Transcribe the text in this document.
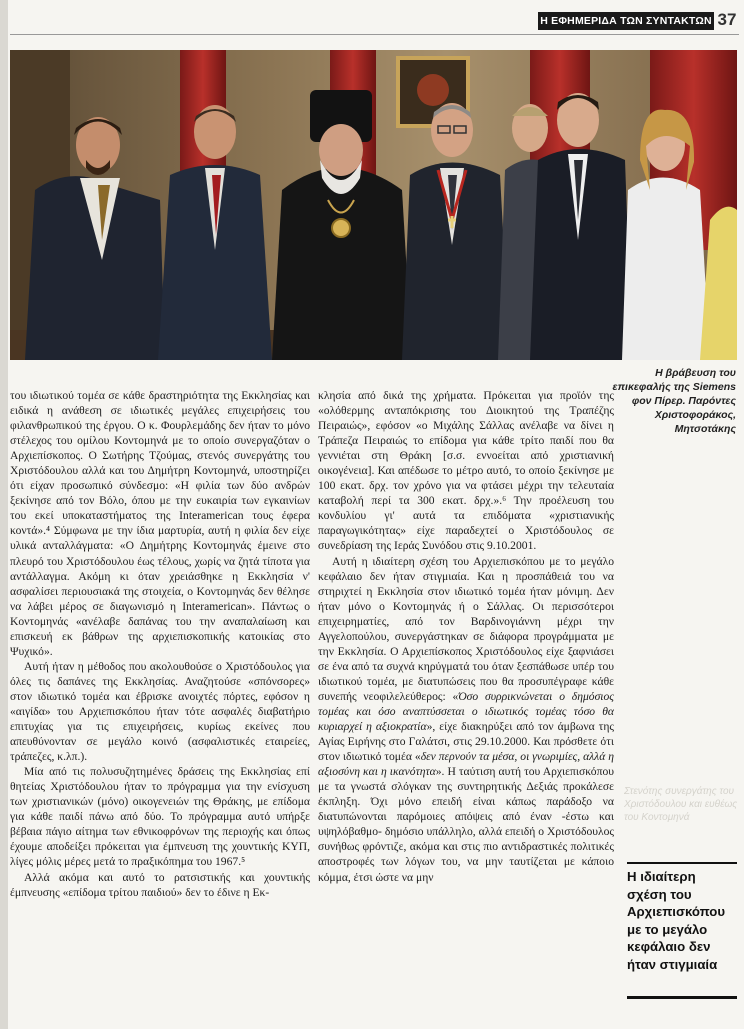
Η ΕΦΗΜΕΡΙΔΑ ΤΩΝ ΣΥΝΤΑΚΤΩΝ 37
Η βράβευση του επικεφαλής της Siemens φον Πίρερ. Παρόντες Χριστοφοράκος, Μητσοτάκης

του ιδιωτικού τομέα σε κάθε δραστηριότητα της Εκκλησίας και ειδικά η ανάθεση σε ιδιωτικές μεγάλες επιχειρήσεις του φιλανθρωπικού της έργου. Ο κ. Φουρλεμάδης δεν ήταν το μόνο στέλεχος του ομίλου Κοντομηνά με το οποίο συνεργαζόταν ο Αρχιεπίσκοπος. Ο Σωτήρης Τζούμας, στενός συνεργάτης του Χριστόδουλου αλλά και του Δημήτρη Κοντομηνά, υποστηρίζει ότι είχαν προσωπικό σύνδεσμο: «Η φιλία των δύο ανδρών ξεκίνησε από τον Βόλο, όπου με την ευκαιρία των εγκαινίων του εκεί υποκαταστήματος της Interamerican τους έφερα κοντά».⁴ Σύμφωνα με την ίδια μαρτυρία, αυτή η φιλία δεν είχε υλικά ανταλλάγματα: «Ο Δημήτρης Κοντομηνάς έμεινε στο πλευρό του Χριστόδουλου έως τέλους, χωρίς να ζητά τίποτα για αντάλλαγμα. Ακόμη κι όταν χρειάσθηκε η Εκκλησία ν' ασφαλίσει περιουσιακά της στοιχεία, ο Κοντομηνάς δεν θέλησε να λάβει μέρος σε διαγωνισμό η Interamerican». Πάντως ο Κοντομηνάς «ανέλαβε δαπάνας του την αναπαλαίωση και επισκευή εκ βάθρων της αρχιεπισκοπικής κατοικίας στο Ψυχικό».

Αυτή ήταν η μέθοδος που ακολουθούσε ο Χριστόδουλος για όλες τις δαπάνες της Εκκλησίας. Αναζητούσε «σπόνσορες» στον ιδιωτικό τομέα και έβρισκε ανοιχτές πόρτες, εφόσον η «αιγίδα» του Αρχιεπισκόπου ήταν τότε ασφαλές διαβατήριο επιτυχίας για τις επιχειρήσεις, κυρίως εκείνες που απευθύνονταν σε μεγάλο κοινό (ασφαλιστικές εταιρείες, τράπεζες, κ.λπ.).

Μία από τις πολυσυζητημένες δράσεις της Εκκλησίας επί θητείας Χριστόδουλου ήταν το πρόγραμμα για την ενίσχυση των χριστιανικών (μόνο) οικογενειών της Θράκης, με επίδομα για κάθε παιδί πάνω από δύο. Το πρόγραμμα αυτό υπήρξε βέβαια πάγιο αίτημα των εθνικοφρόνων της περιοχής και όπως έχουμε αποδείξει πρόκειται για έμπνευση της χουντικής ΚΥΠ, λίγες μόλις μέρες μετά το πραξικόπημα του 1967.⁵

Αλλά ακόμα και αυτό το ρατσιστικής και χουντικής έμπνευσης «επίδομα τρίτου παιδιού» δεν το έδινε η Εκ-

κλησία από δικά της χρήματα. Πρόκειται για προϊόν της «ολόθερμης ανταπόκρισης του Διοικητού της Τραπέζης Πειραιώς», εφόσον «ο Μιχάλης Σάλλας ανέλαβε να δίνει η Τράπεζα Πειραιώς το επίδομα για κάθε τρίτο παιδί που θα γεννιέται στη Θράκη [σ.σ. εννοείται από χριστιανική οικογένεια]. Και απέδωσε το μέτρο αυτό, το οποίο ξεκίνησε με 100 εκατ. δρχ. τον χρόνο για να φτάσει μέχρι την τελευταία καταβολή περί τα 300 εκατ. δρχ.».⁶ Την προέλευση του κονδυλίου γι' αυτά τα επιδόματα «χριστιανικής παραγωγικότητας» είχε παραδεχτεί ο Χριστόδουλος σε συνεδρίαση της Ιεράς Συνόδου στις 9.10.2001.

Αυτή η ιδιαίτερη σχέση του Αρχιεπισκόπου με το μεγάλο κεφάλαιο δεν ήταν στιγμιαία. Και η προσπάθειά του να στηριχτεί η Εκκλησία στον ιδιωτικό τομέα ήταν μόνιμη. Δεν ήταν μόνο ο Κοντομηνάς ή ο Σάλλας. Οι περισσότεροι επιχειρηματίες, από τον Βαρδινογιάννη μέχρι την Αγγελοπούλου, συνεργάστηκαν σε διάφορα προγράμματα με την Εκκλησία. Ο Αρχιεπίσκοπος Χριστόδουλος είχε ξαφνιάσει σε ένα από τα συχνά κηρύγματά του όταν ξεσπάθωσε υπέρ του ιδιωτικού τομέα, με διατυπώσεις που θα προσυπέγραφε κάθε συνεπής νεοφιλελεύθερος: «Όσο συρρικνώνεται ο δημόσιος τομέας και όσο αναπτύσσεται ο ιδιωτικός τομέας τόσο θα κυριαρχεί η αξιοκρατία», είχε διακηρύξει από τον άμβωνα της Αγίας Ειρήνης στο Γαλάτσι, στις 29.10.2000. Και πρόσθετε ότι στον ιδιωτικό τομέα «δεν περνούν τα μέσα, οι γνωριμίες, αλλά η αξιοσύνη και η ικανότητα». Η ταύτιση αυτή του Αρχιεπισκόπου με τα γνωστά σλόγκαν της συντηρητικής Δεξιάς προκάλεσε έκπληξη. Όχι μόνο επειδή είναι κάπως παράδοξο να διατυπώνονται παρόμοιες απόψεις από έναν -έστω και υψηλόβαθμο- δημόσιο υπάλληλο, αλλά επειδή ο Χριστόδουλος συνήθως φρόντιζε, ακόμα και στις πιο αντιδραστικές πολιτικές αποστροφές των λόγων του, να μην ταυτίζεται με κάποιο κόμμα, έτσι ώστε να μην

Στενότης συνεργάτης του Χριστόδουλου και ευθέως του Κοντομηνά
Η ιδιαίτερη σχέση του Αρχιεπισκόπου με το μεγάλο κεφάλαιο δεν ήταν στιγμιαία
